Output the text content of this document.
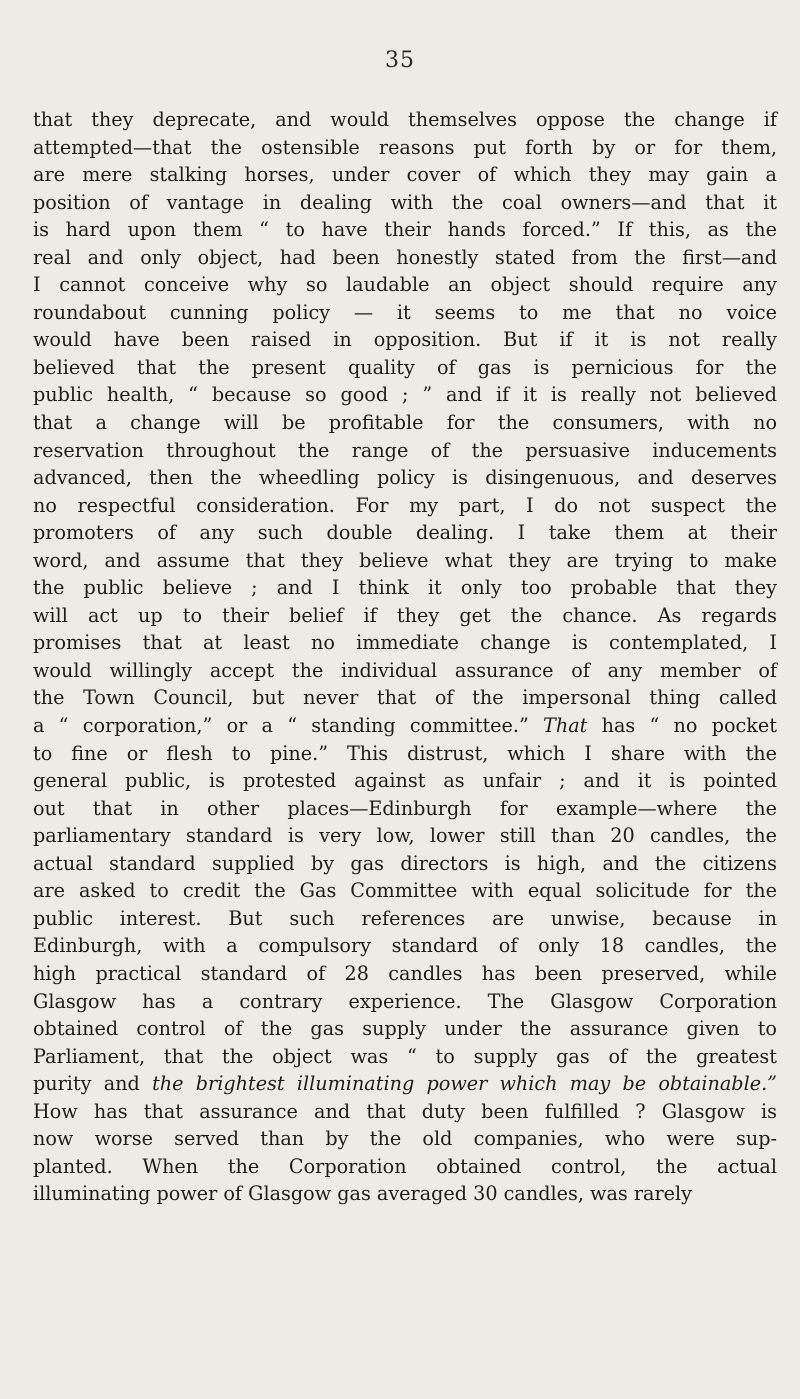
35
that they deprecate, and would themselves oppose the change if
attempted—that the ostensible reasons put forth by or for them,
are mere stalking horses, under cover of which they may gain a
position of vantage in dealing with the coal owners—and that it
is hard upon them “ to have their hands forced.” If this, as the
real and only object, had been honestly stated from the first—and
I cannot conceive why so laudable an object should require any
roundabout cunning policy — it seems to me that no voice
would have been raised in opposition. But if it is not really
believed that the present quality of gas is pernicious for the
public health, “ because so good ; ” and if it is really not believed
that a change will be profitable for the consumers, with no
reservation throughout the range of the persuasive inducements
advanced, then the wheedling policy is disingenuous, and deserves
no respectful consideration. For my part, I do not suspect the
promoters of any such double dealing. I take them at their
word, and assume that they believe what they are trying to make
the public believe ; and I think it only too probable that they
will act up to their belief if they get the chance. As regards
promises that at least no immediate change is contemplated, I
would willingly accept the individual assurance of any member of
the Town Council, but never that of the impersonal thing called
a “ corporation,” or a “ standing committee.” That has “ no pocket
to fine or flesh to pine.” This distrust, which I share with the
general public, is protested against as unfair ; and it is pointed
out that in other places—Edinburgh for example—where the
parliamentary standard is very low, lower still than 20 candles, the
actual standard supplied by gas directors is high, and the citizens
are asked to credit the Gas Committee with equal solicitude for the
public interest. But such references are unwise, because in
Edinburgh, with a compulsory standard of only 18 candles, the
high practical standard of 28 candles has been preserved, while
Glasgow has a contrary experience. The Glasgow Corporation
obtained control of the gas supply under the assurance given to
Parliament, that the object was “ to supply gas of the greatest
purity and the brightest illuminating power which may be obtainable.”
How has that assurance and that duty been fulfilled ? Glasgow is
now worse served than by the old companies, who were sup-
planted. When the Corporation obtained control, the actual
illuminating power of Glasgow gas averaged 30 candles, was rarely
